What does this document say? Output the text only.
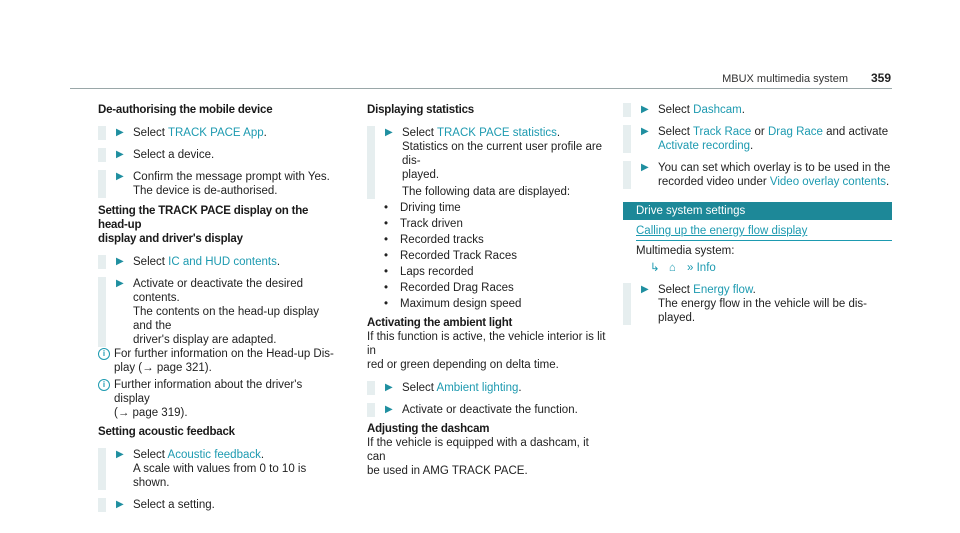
MBUX multimedia system 359
De-authorising the mobile device
▶ Select TRACK PACE App.
▶ Select a device.
▶ Confirm the message prompt with Yes.
The device is de-authorised.
Setting the TRACK PACE display on the head-up
display and driver's display
▶ Select IC and HUD contents.
▶ Activate or deactivate the desired contents.
The contents on the head-up display and the
driver's display are adapted.
i For further information on the Head-up Dis-
play (→ page 321).
i Further information about the driver's display
(→ page 319).
Setting acoustic feedback
▶ Select Acoustic feedback.
A scale with values from 0 to 10 is shown.
▶ Select a setting.
Displaying statistics
▶ Select TRACK PACE statistics.
Statistics on the current user profile are dis-
played.
The following data are displayed:
• Driving time
• Track driven
• Recorded tracks
• Recorded Track Races
• Laps recorded
• Recorded Drag Races
• Maximum design speed
Activating the ambient light
If this function is active, the vehicle interior is lit in
red or green depending on delta time.
▶ Select Ambient lighting.
▶ Activate or deactivate the function.
Adjusting the dashcam
If the vehicle is equipped with a dashcam, it can
be used in AMG TRACK PACE.
▶ Select Dashcam.
▶ Select Track Race or Drag Race and activate
Activate recording.
▶ You can set which overlay is to be used in the
recorded video under Video overlay contents.
Drive system settings
Calling up the energy flow display
Multimedia system:
↳ ⌂ » Info
▶ Select Energy flow.
The energy flow in the vehicle will be dis-
played.
